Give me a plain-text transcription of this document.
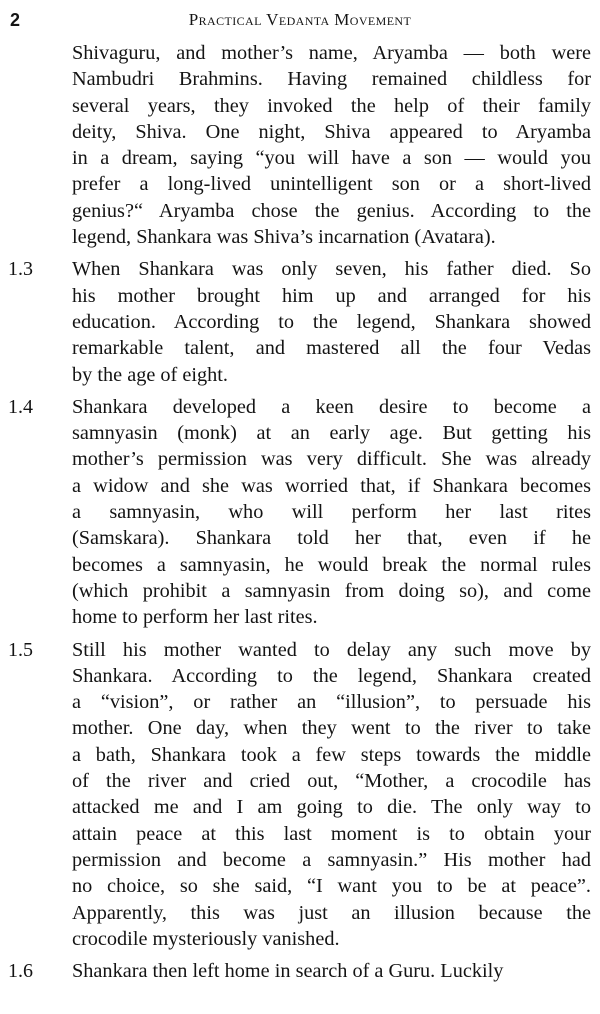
2	Practical Vedanta Movement
Shivaguru, and mother’s name, Aryamba — both were
Nambudri Brahmins. Having remained childless for
several years, they invoked the help of their family
deity, Shiva. One night, Shiva appeared to Aryamba
in a dream, saying “you will have a son — would you
prefer a long-lived unintelligent son or a short-lived
genius?“ Aryamba chose the genius. According to the
legend, Shankara was Shiva’s incarnation (Avatara).
1.3 When Shankara was only seven, his father died. So
his mother brought him up and arranged for his
education. According to the legend, Shankara showed
remarkable talent, and mastered all the four Vedas
by the age of eight.
1.4 Shankara developed a keen desire to become a
samnyasin (monk) at an early age. But getting his
mother’s permission was very difficult. She was already
a widow and she was worried that, if Shankara becomes
a samnyasin, who will perform her last rites
(Samskara). Shankara told her that, even if he
becomes a samnyasin, he would break the normal rules
(which prohibit a samnyasin from doing so), and come
home to perform her last rites.
1.5 Still his mother wanted to delay any such move by
Shankara. According to the legend, Shankara created
a “vision”, or rather an “illusion”, to persuade his
mother. One day, when they went to the river to take
a bath, Shankara took a few steps towards the middle
of the river and cried out, “Mother, a crocodile has
attacked me and I am going to die. The only way to
attain peace at this last moment is to obtain your
permission and become a samnyasin.” His mother had
no choice, so she said, “I want you to be at peace”.
Apparently, this was just an illusion because the
crocodile mysteriously vanished.
1.6 Shankara then left home in search of a Guru. Luckily
